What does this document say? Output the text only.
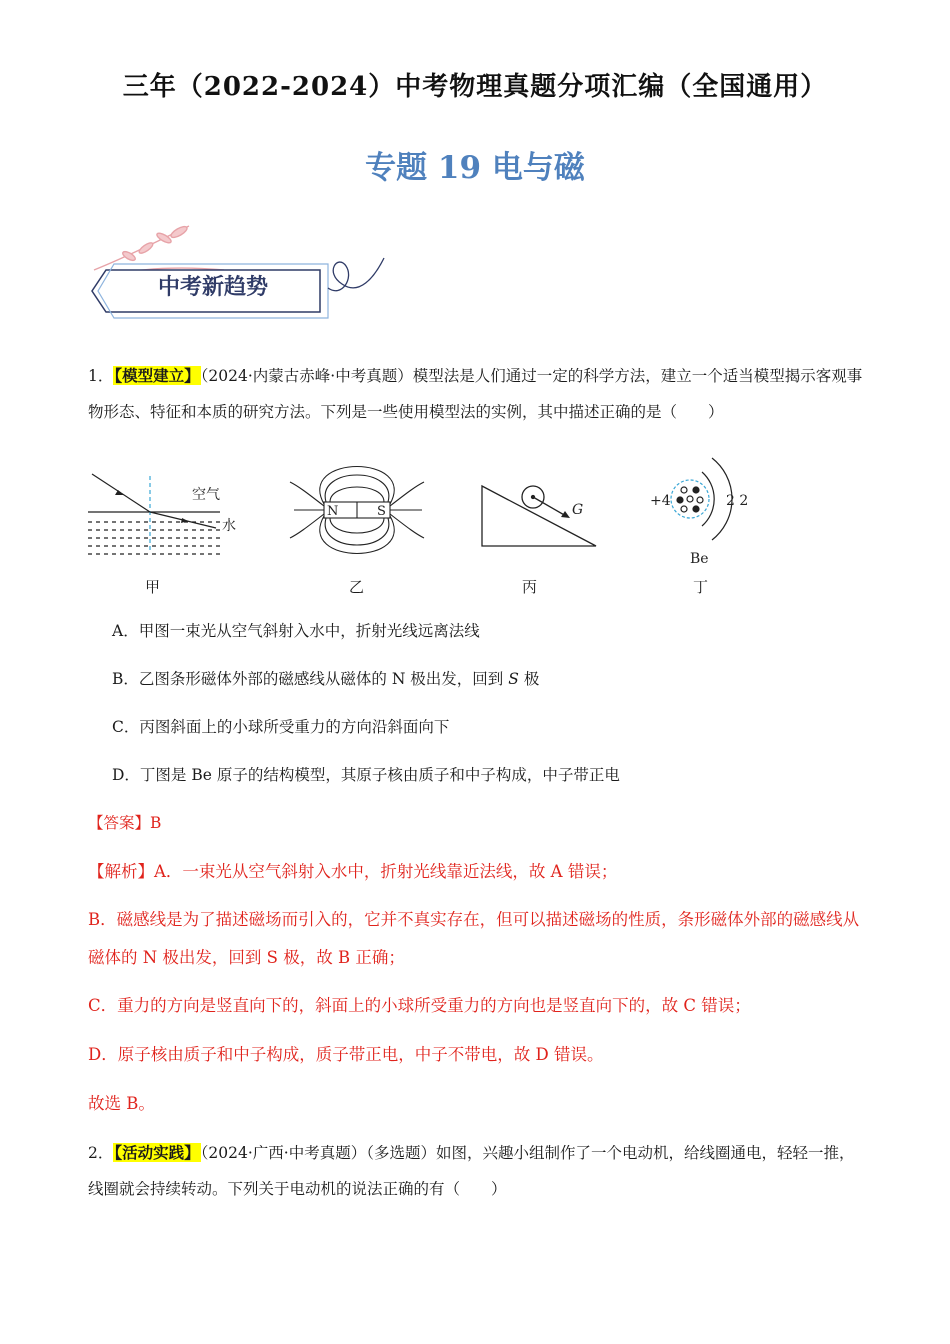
三年（2022-2024）中考物理真题分项汇编（全国通用）
专题 19 电与磁
中考新趋势
1．【模型建立】（2024·内蒙古赤峰·中考真题）模型法是人们通过一定的科学方法，建立一个适当模型揭示客观事物形态、特征和本质的研究方法。下列是一些使用模型法的实例，其中描述正确的是（　　）
空气
水
N	S	G
+4	2 2
Be
甲	乙	丙	丁
A．甲图一束光从空气斜射入水中，折射光线远离法线
B．乙图条形磁体外部的磁感线从磁体的 N 极出发，回到 S 极
C．丙图斜面上的小球所受重力的方向沿斜面向下
D．丁图是 Be 原子的结构模型，其原子核由质子和中子构成，中子带正电
【答案】B
【解析】A．一束光从空气斜射入水中，折射光线靠近法线，故 A 错误；
B．磁感线是为了描述磁场而引入的，它并不真实存在，但可以描述磁场的性质，条形磁体外部的磁感线从磁体的 N 极出发，回到 S 极，故 B 正确；
C．重力的方向是竖直向下的，斜面上的小球所受重力的方向也是竖直向下的，故 C 错误；
D．原子核由质子和中子构成，质子带正电，中子不带电，故 D 错误。
故选 B。
2．【活动实践】（2024·广西·中考真题）（多选题）如图，兴趣小组制作了一个电动机，给线圈通电，轻轻一推，线圈就会持续转动。下列关于电动机的说法正确的有（　　）
